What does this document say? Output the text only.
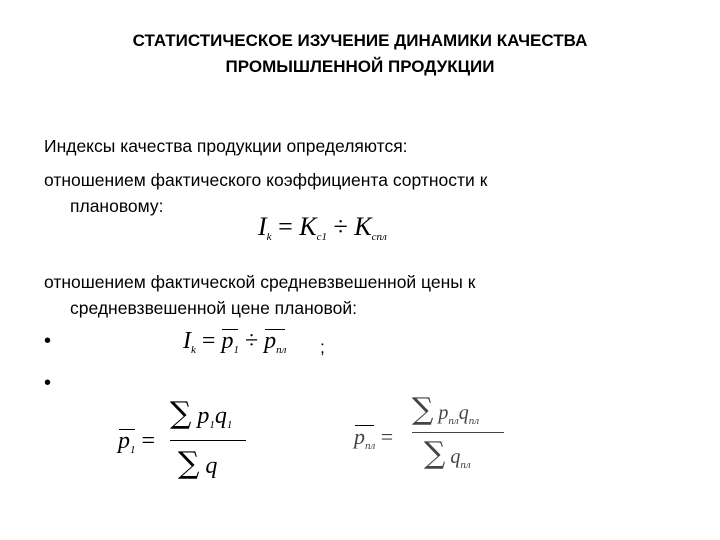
СТАТИСТИЧЕСКОЕ ИЗУЧЕНИЕ ДИНАМИКИ КАЧЕСТВА
ПРОМЫШЛЕННОЙ ПРОДУКЦИИ
Индексы качества продукции определяются:
отношением фактического коэффициента сортности к
плановому:
$I_k = K_{c1} \div K_{спл}$
отношением фактической средневзвешенной цены к
средневзвешенной цене плановой:
•
•
$I_k = p_1 \div p_{пл}$ ;
$p_1$ =
∑ $p_1q_1$
∑ q
$p_{пл}$ =
∑ $p_{пл}q_{пл}$
∑ $q_{пл}$
